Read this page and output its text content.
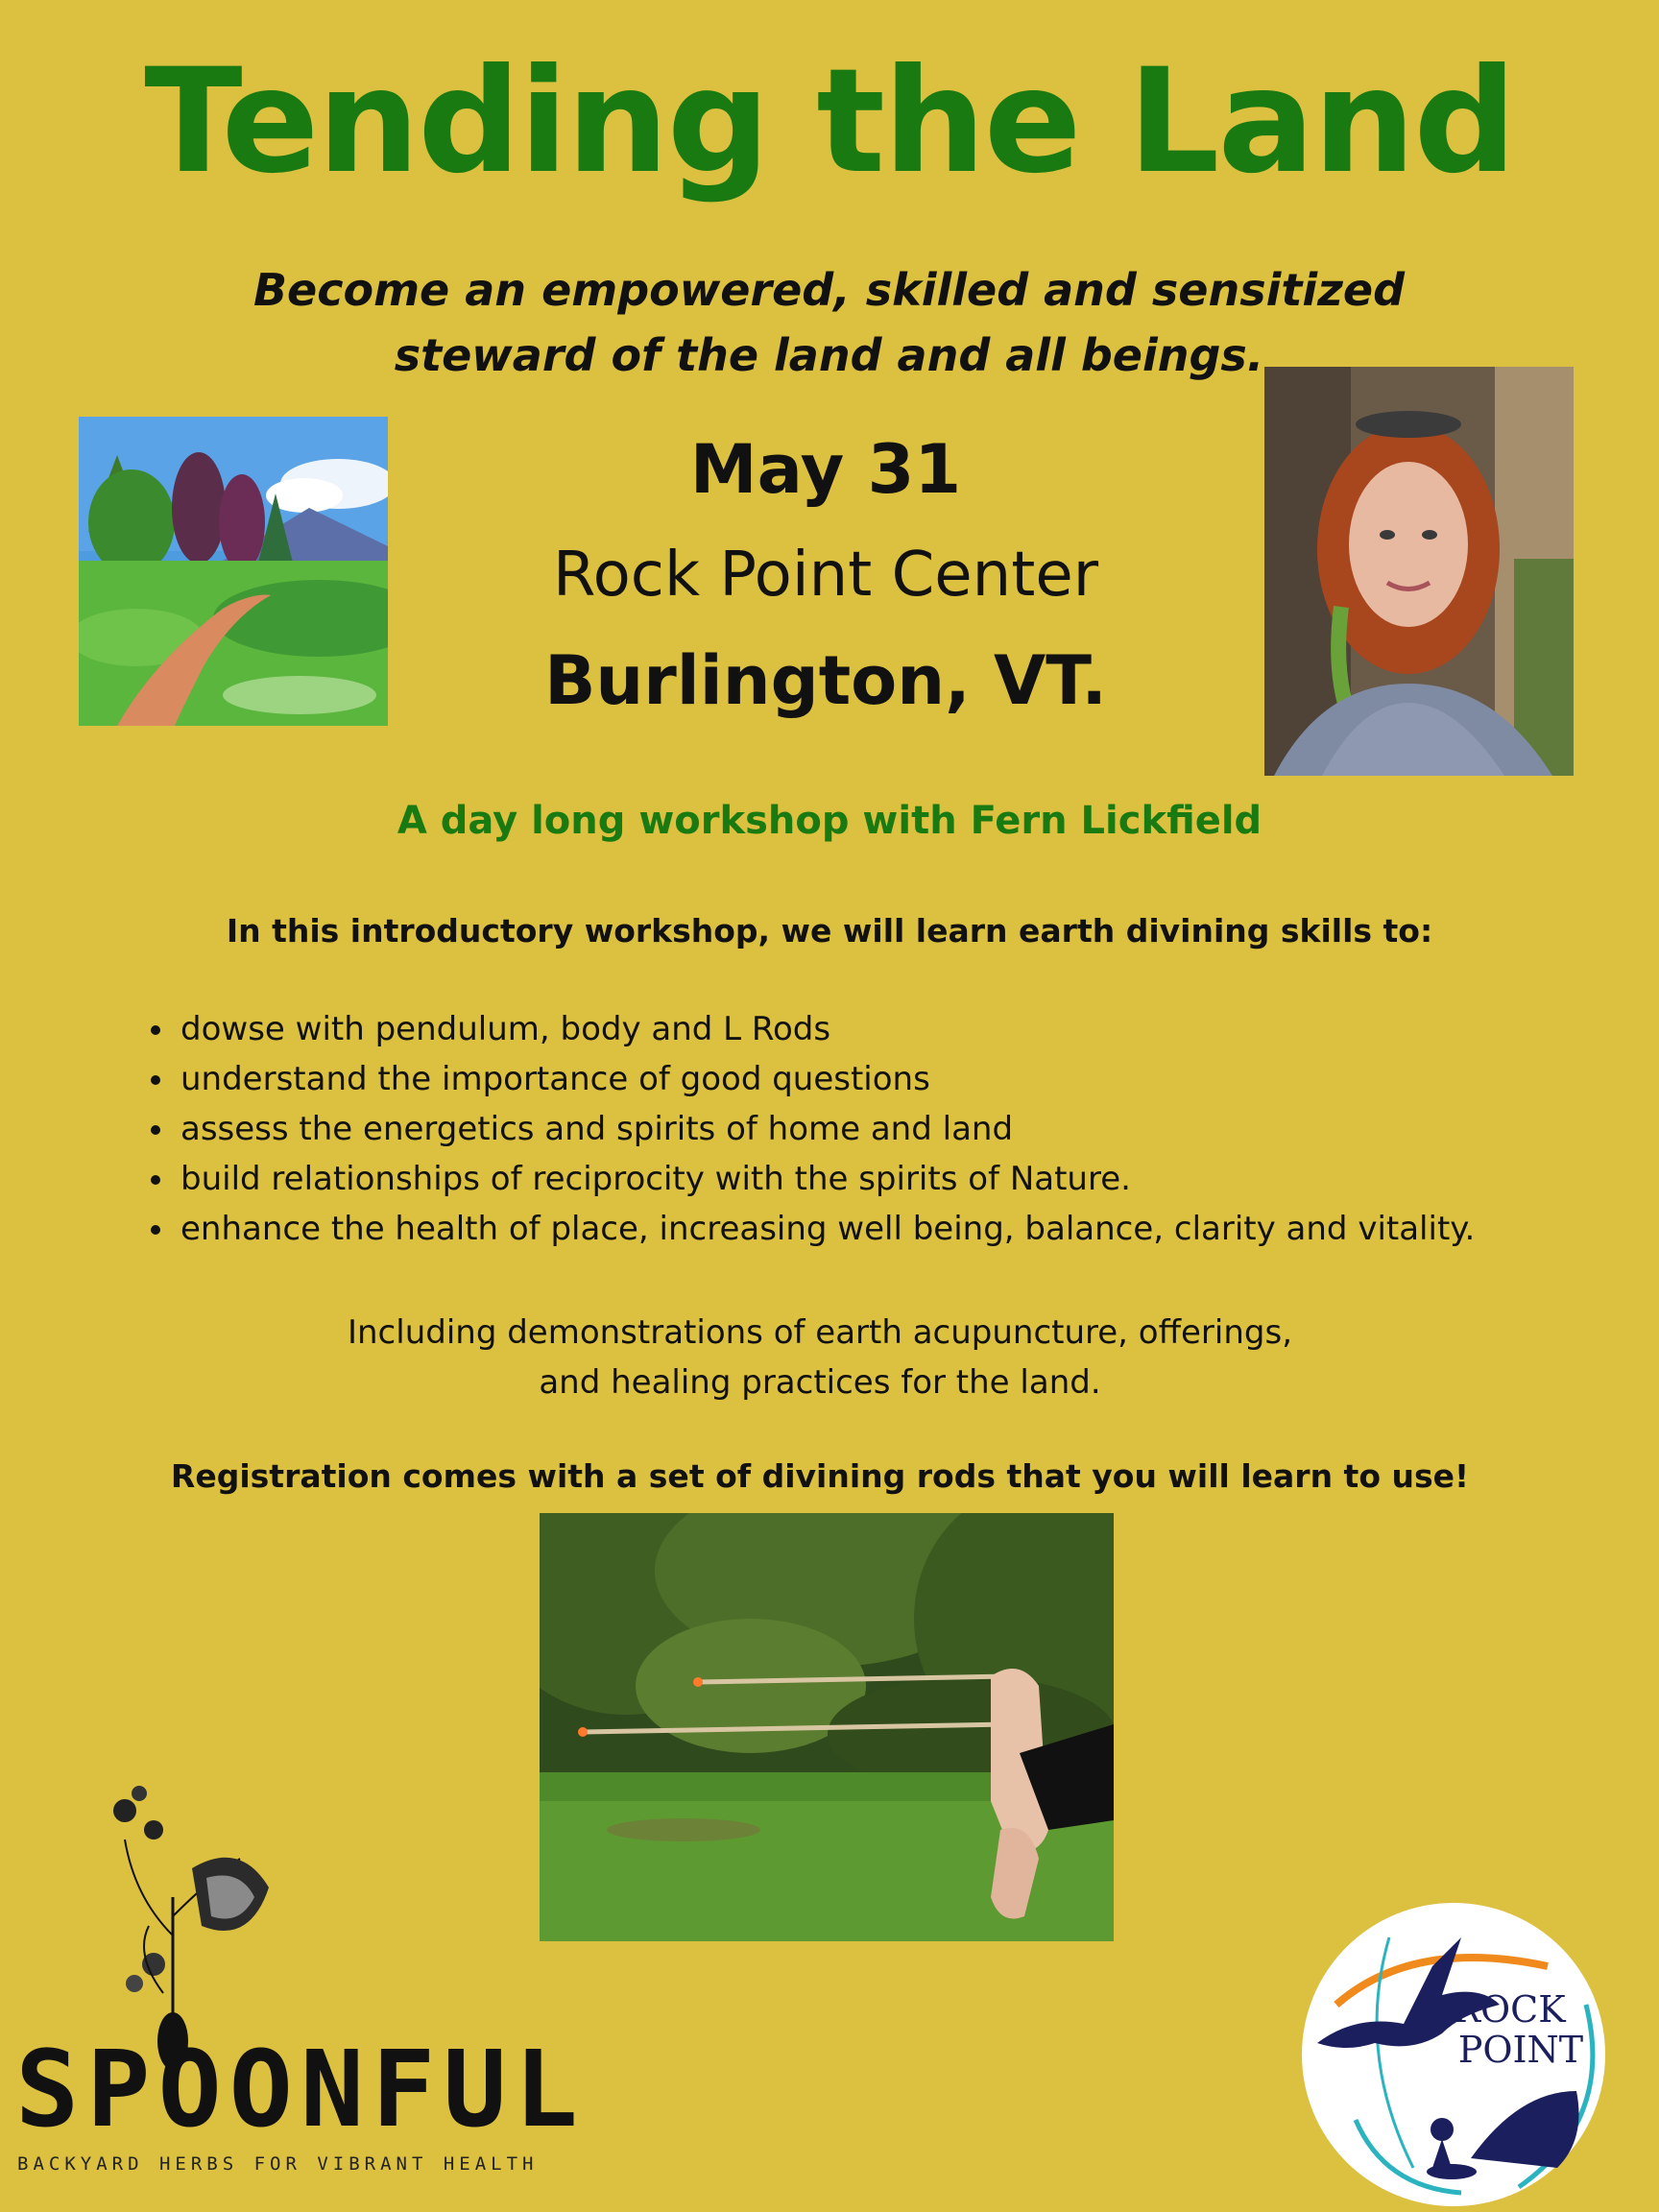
Tending the Land
Become an empowered, skilled and sensitized
steward of the land and all beings.
May 31
Rock Point Center
Burlington, VT.
A day long workshop with Fern Lickfield
In this introductory workshop, we will learn earth divining skills to:
• dowse with pendulum, body and L Rods
• understand the importance of good questions
• assess the energetics and spirits of home and land
• build relationships of reciprocity with the spirits of Nature.
• enhance the health of place, increasing well being, balance, clarity and vitality.
Including demonstrations of earth acupuncture, offerings,
and healing practices for the land.
Registration comes with a set of divining rods that you will learn to use!
SPOONFUL
BACKYARD HERBS FOR VIBRANT HEALTH
ROCK
POINT
